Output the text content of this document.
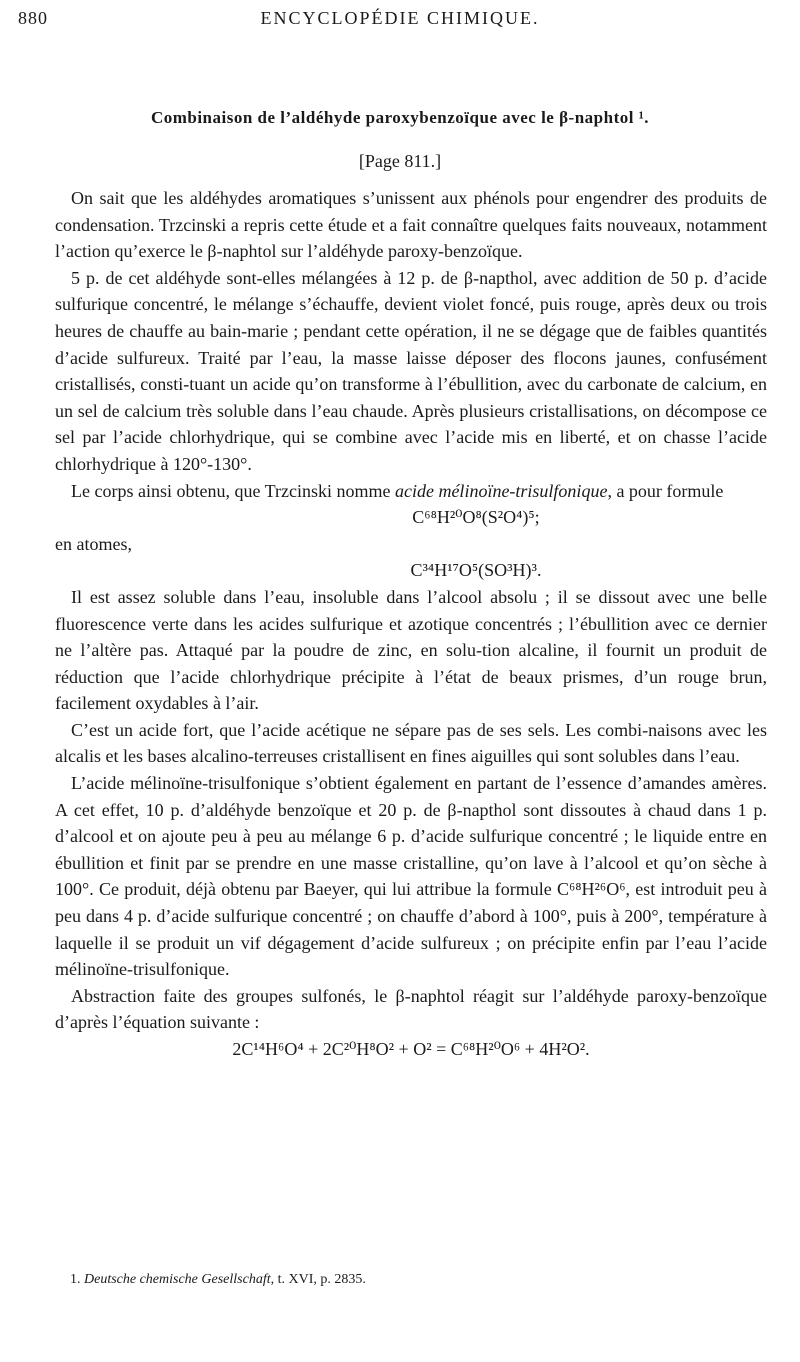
880	ENCYCLOPÉDIE CHIMIQUE.
Combinaison de l’aldéhyde paroxybenzoïque avec le β-naphtol ¹.
[Page 811.]

On sait que les aldéhydes aromatiques s’unissent aux phénols pour engendrer des produits de condensation. Trzcinski a repris cette étude et a fait connaître quelques faits nouveaux, notamment l’action qu’exerce le β-naphtol sur l’aldéhyde paroxy-benzoïque.

5 p. de cet aldéhyde sont-elles mélangées à 12 p. de β-napthol, avec addition de 50 p. d’acide sulfurique concentré, le mélange s’échauffe, devient violet foncé, puis rouge, après deux ou trois heures de chauffe au bain-marie ; pendant cette opération, il ne se dégage que de faibles quantités d’acide sulfureux. Traité par l’eau, la masse laisse déposer des flocons jaunes, confusément cristallisés, consti-tuant un acide qu’on transforme à l’ébullition, avec du carbonate de calcium, en un sel de calcium très soluble dans l’eau chaude. Après plusieurs cristallisations, on décompose ce sel par l’acide chlorhydrique, qui se combine avec l’acide mis en liberté, et on chasse l’acide chlorhydrique à 120°-130°.

Le corps ainsi obtenu, que Trzcinski nomme acide mélinoïne-trisulfonique, a pour formule

C⁶⁸H²⁰O⁸(S²O⁴)⁵;
en atomes,
C³⁴H¹⁷O⁵(SO³H)³.

Il est assez soluble dans l’eau, insoluble dans l’alcool absolu ; il se dissout avec une belle fluorescence verte dans les acides sulfurique et azotique concentrés ; l’ébullition avec ce dernier ne l’altère pas. Attaqué par la poudre de zinc, en solu-tion alcaline, il fournit un produit de réduction que l’acide chlorhydrique précipite à l’état de beaux prismes, d’un rouge brun, facilement oxydables à l’air.

C’est un acide fort, que l’acide acétique ne sépare pas de ses sels. Les combi-naisons avec les alcalis et les bases alcalino-terreuses cristallisent en fines aiguilles qui sont solubles dans l’eau.

L’acide mélinoïne-trisulfonique s’obtient également en partant de l’essence d’amandes amères. A cet effet, 10 p. d’aldéhyde benzoïque et 20 p. de β-napthol sont dissoutes à chaud dans 1 p. d’alcool et on ajoute peu à peu au mélange 6 p. d’acide sulfurique concentré ; le liquide entre en ébullition et finit par se prendre en une masse cristalline, qu’on lave à l’alcool et qu’on sèche à 100°. Ce produit, déjà obtenu par Baeyer, qui lui attribue la formule C⁶⁸H²⁶O⁶, est introduit peu à peu dans 4 p. d’acide sulfurique concentré ; on chauffe d’abord à 100°, puis à 200°, température à laquelle il se produit un vif dégagement d’acide sulfureux ; on précipite enfin par l’eau l’acide mélinoïne-trisulfonique.

Abstraction faite des groupes sulfonés, le β-naphtol réagit sur l’aldéhyde paroxy-benzoïque d’après l’équation suivante :

2C¹⁴H⁶O⁴ + 2C²⁰H⁸O² + O² = C⁶⁸H²⁰O⁶ + 4H²O².
1. Deutsche chemische Gesellschaft, t. XVI, p. 2835.
